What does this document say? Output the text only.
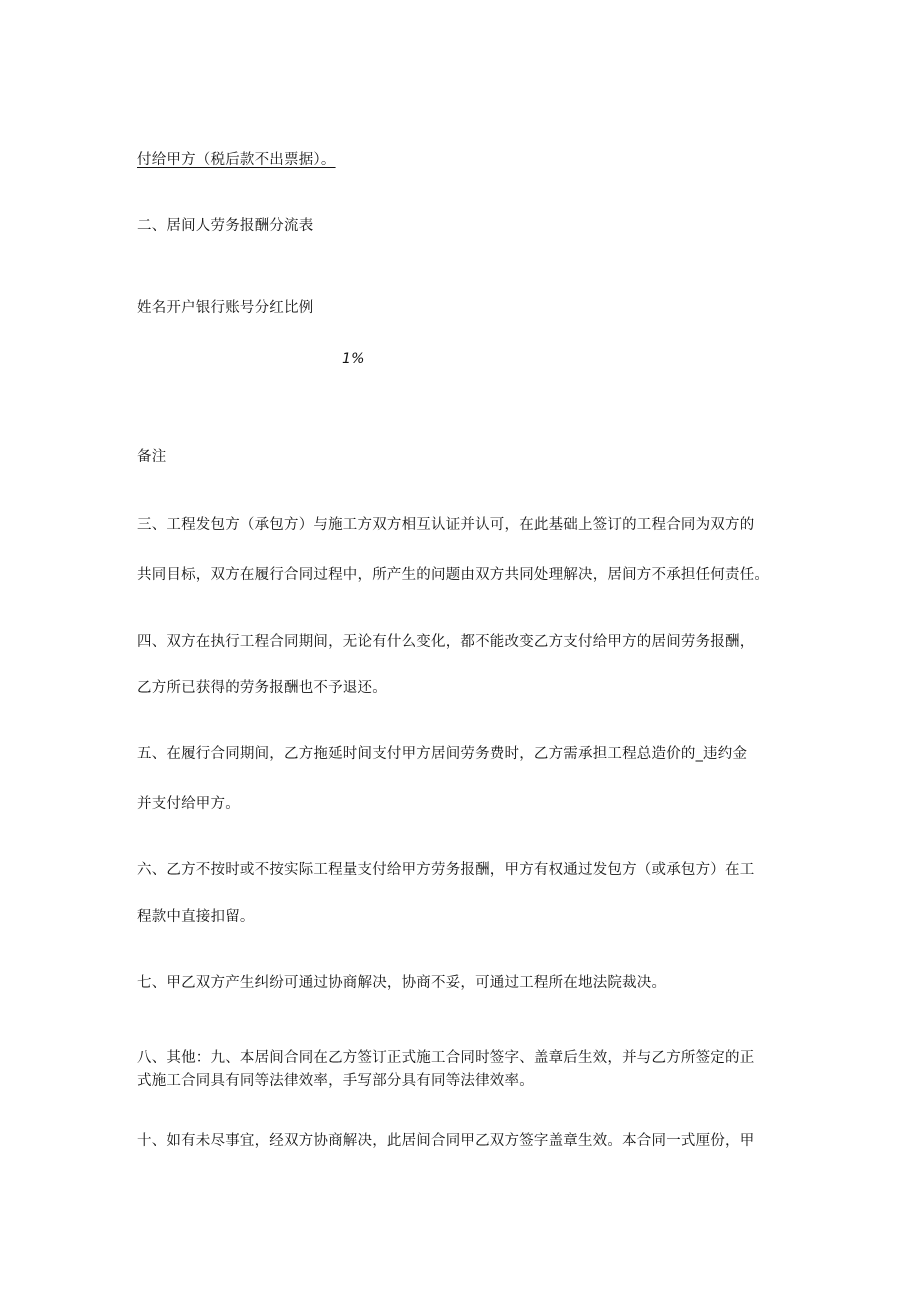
付给甲方（税后款不出票据）。
二、居间人劳务报酬分流表
姓名开户银行账号分红比例
1%
备注
三、工程发包方（承包方）与施工方双方相互认证并认可，在此基础上签订的工程合同为双方的
共同目标，双方在履行合同过程中，所产生的问题由双方共同处理解决，居间方不承担任何责任。
四、双方在执行工程合同期间，无论有什么变化，都不能改变乙方支付给甲方的居间劳务报酬，
乙方所已获得的劳务报酬也不予退还。
五、在履行合同期间，乙方拖延时间支付甲方居间劳务费时，乙方需承担工程总造价的_违约金
并支付给甲方。
六、乙方不按时或不按实际工程量支付给甲方劳务报酬，甲方有权通过发包方（或承包方）在工
程款中直接扣留。
七、甲乙双方产生纠纷可通过协商解决，协商不妥，可通过工程所在地法院裁决。
八、其他：九、本居间合同在乙方签订正式施工合同时签字、盖章后生效，并与乙方所签定的正
式施工合同具有同等法律效率，手写部分具有同等法律效率。
十、如有未尽事宜，经双方协商解决，此居间合同甲乙双方签字盖章生效。本合同一式厘份，甲
